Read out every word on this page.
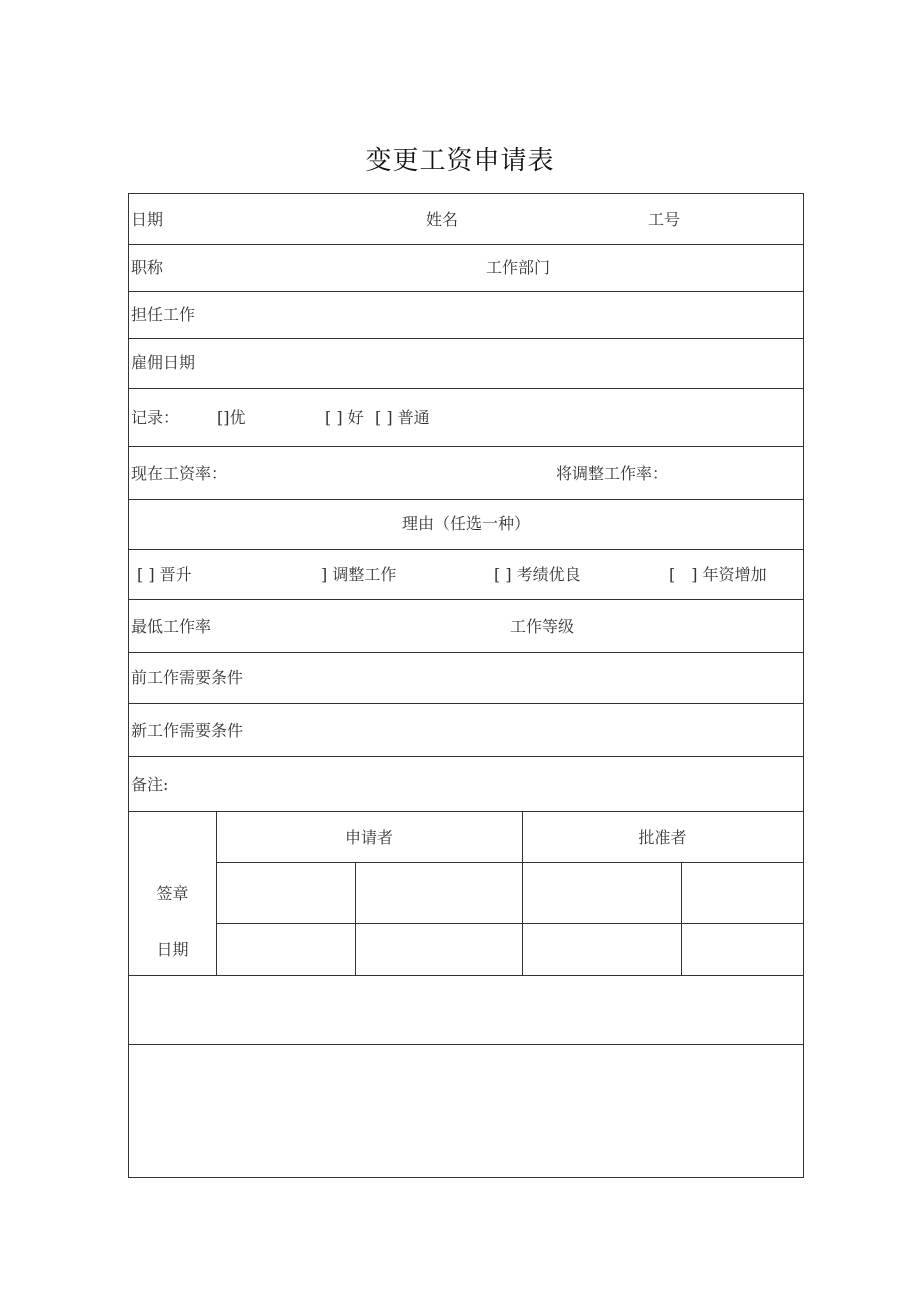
变更工资申请表
日期	姓名	工号
职称	工作部门
担任工作
雇佣日期
记录： []优	[ ] 好 [ ] 普通
现在工资率：	将调整工作率：
理由（任选一种）
[ ] 晋升	] 调整工作	[ ] 考绩优良	[　] 年资增加
最低工作率	工作等级
前工作需要条件
新工作需要条件
备注:
申请者	批准者
签章
日期
